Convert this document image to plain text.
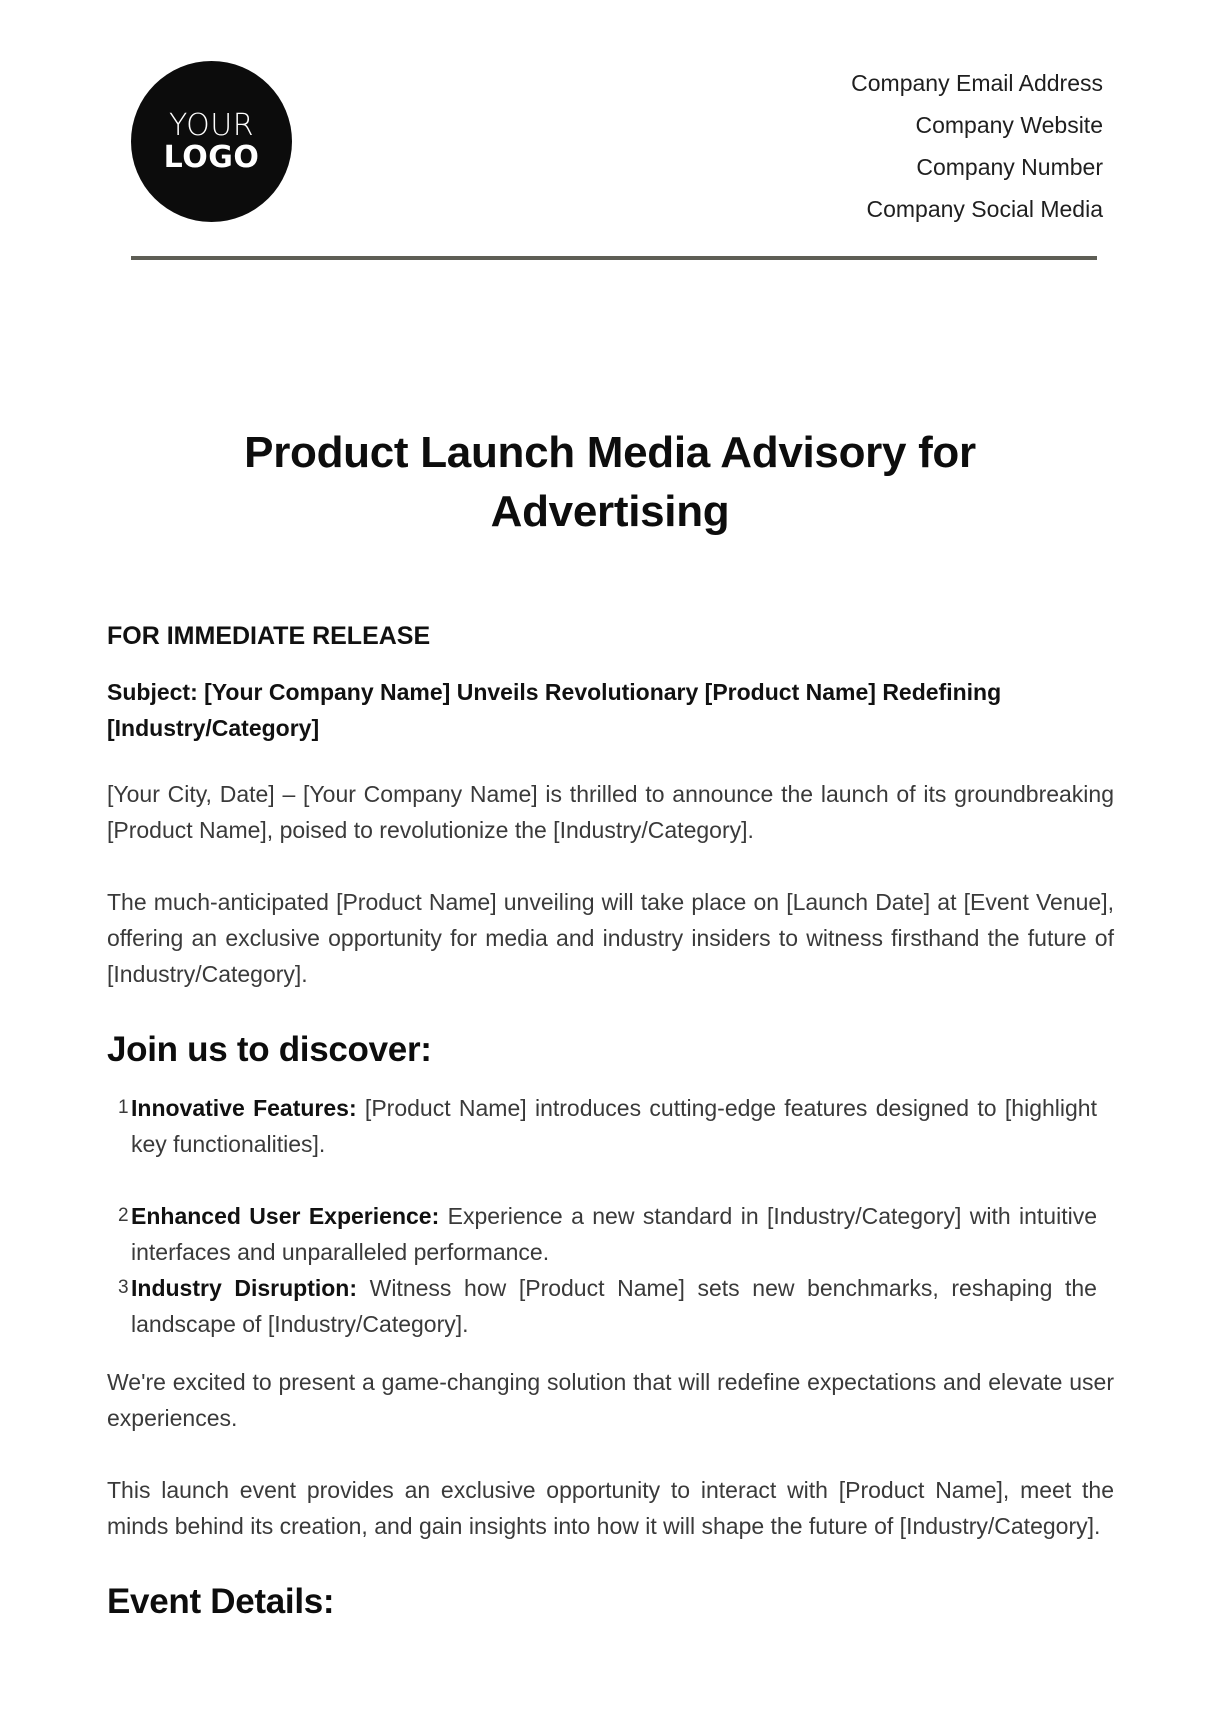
YOUR
LOGO
Company Email Address
Company Website
Company Number
Company Social Media
Product Launch Media Advisory for Advertising
FOR IMMEDIATE RELEASE
Subject: [Your Company Name] Unveils Revolutionary [Product Name] Redefining [Industry/Category]

[Your City, Date] – [Your Company Name] is thrilled to announce the launch of its groundbreaking [Product Name], poised to revolutionize the [Industry/Category].

The much-anticipated [Product Name] unveiling will take place on [Launch Date] at [Event Venue], offering an exclusive opportunity for media and industry insiders to witness firsthand the future of [Industry/Category].

Join us to discover:
1 Innovative Features: [Product Name] introduces cutting-edge features designed to [highlight key functionalities].
2 Enhanced User Experience: Experience a new standard in [Industry/Category] with intuitive interfaces and unparalleled performance.
3 Industry Disruption: Witness how [Product Name] sets new benchmarks, reshaping the landscape of [Industry/Category].

We're excited to present a game-changing solution that will redefine expectations and elevate user experiences.

This launch event provides an exclusive opportunity to interact with [Product Name], meet the minds behind its creation, and gain insights into how it will shape the future of [Industry/Category].

Event Details:
